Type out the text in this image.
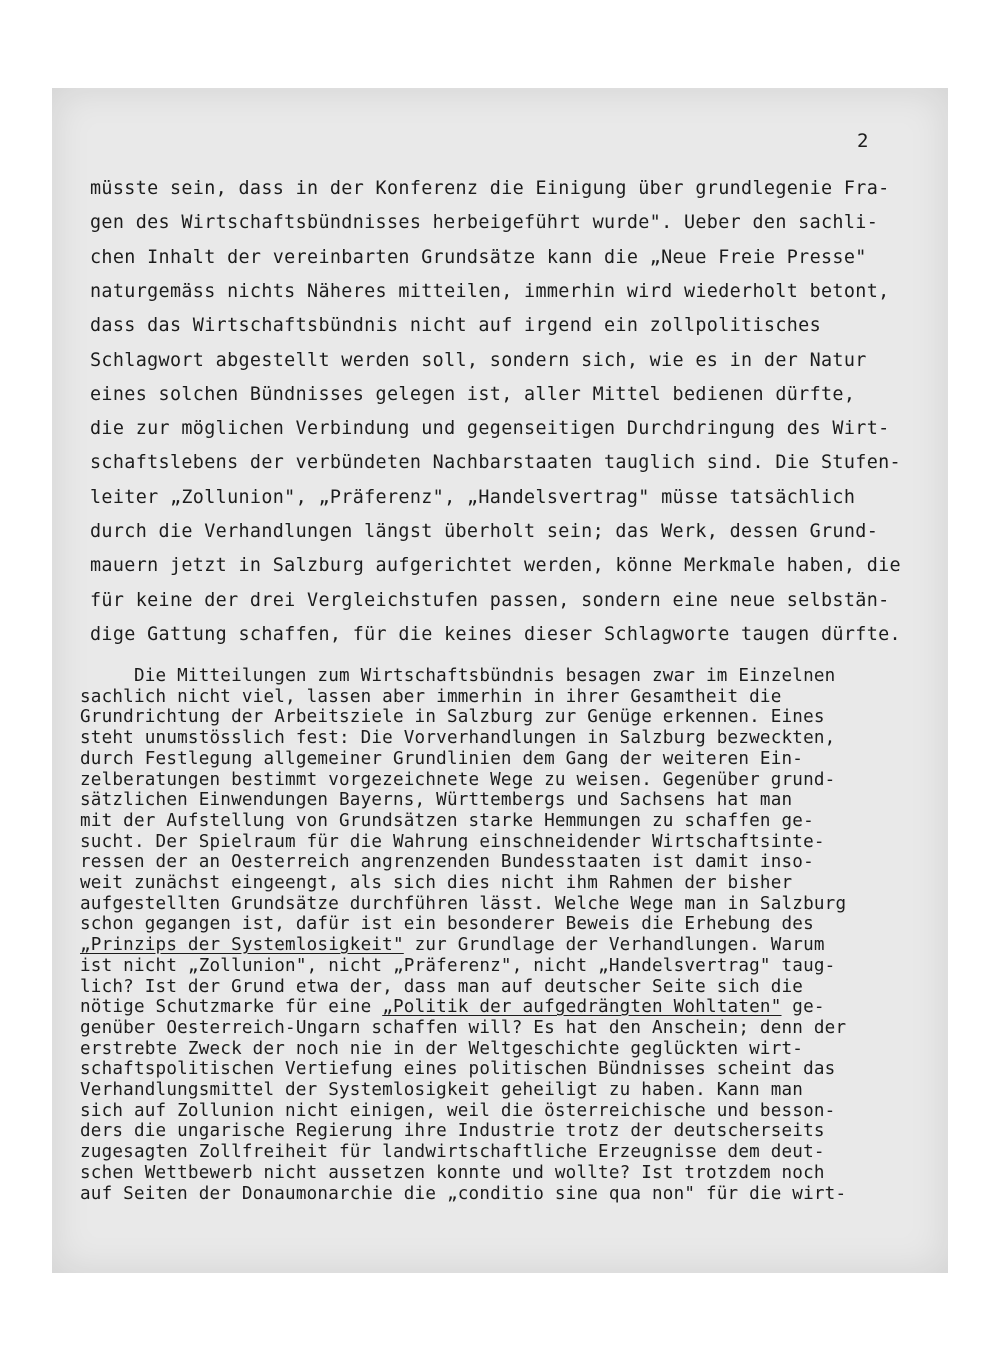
2

müsste sein, dass in der Konferenz die Einigung über grundlegenie Fra-

gen des Wirtschaftsbündnisses herbeigeführt wurde". Ueber den sachli-

chen Inhalt der vereinbarten Grundsätze kann die „Neue Freie Presse"

naturgemäss nichts Näheres mitteilen, immerhin wird wiederholt betont,

dass das Wirtschaftsbündnis nicht auf irgend ein zollpolitisches

Schlagwort abgestellt werden soll, sondern sich, wie es in der Natur

eines solchen Bündnisses gelegen ist, aller Mittel bedienen dürfte,

die zur möglichen Verbindung und gegenseitigen Durchdringung des Wirt-

schaftslebens der verbündeten Nachbarstaaten tauglich sind. Die Stufen-

leiter „Zollunion", „Präferenz", „Handelsvertrag" müsse tatsächlich

durch die Verhandlungen längst überholt sein; das Werk, dessen Grund-

mauern jetzt in Salzburg aufgerichtet werden, könne Merkmale haben, die

für keine der drei Vergleichstufen passen, sondern eine neue selbstän-

dige Gattung schaffen, für die keines dieser Schlagworte taugen dürfte.

Die Mitteilungen zum Wirtschaftsbündnis besagen zwar im Einzelnen

sachlich nicht viel, lassen aber immerhin in ihrer Gesamtheit die

Grundrichtung der Arbeitsziele in Salzburg zur Genüge erkennen. Eines

steht unumstösslich fest: Die Vorverhandlungen in Salzburg bezweckten,

durch Festlegung allgemeiner Grundlinien dem Gang der weiteren Ein-

zelberatungen bestimmt vorgezeichnete Wege zu weisen. Gegenüber grund-

sätzlichen Einwendungen Bayerns, Württembergs und Sachsens hat man

mit der Aufstellung von Grundsätzen starke Hemmungen zu schaffen ge-

sucht. Der Spielraum für die Wahrung einschneidender Wirtschaftsinte-

ressen der an Oesterreich angrenzenden Bundesstaaten ist damit inso-

weit zunächst eingeengt, als sich dies nicht ihm Rahmen der bisher

aufgestellten Grundsätze durchführen lässt. Welche Wege man in Salzburg

schon gegangen ist, dafür ist ein besonderer Beweis die Erhebung des

„Prinzips der Systemlosigkeit" zur Grundlage der Verhandlungen. Warum

ist nicht „Zollunion", nicht „Präferenz", nicht „Handelsvertrag" taug-

lich? Ist der Grund etwa der, dass man auf deutscher Seite sich die

nötige Schutzmarke für eine „Politik der aufgedrängten Wohltaten" ge-

genüber Oesterreich-Ungarn schaffen will? Es hat den Anschein; denn der

erstrebte Zweck der noch nie in der Weltgeschichte geglückten wirt-

schaftspolitischen Vertiefung eines politischen Bündnisses scheint das

Verhandlungsmittel der Systemlosigkeit geheiligt zu haben. Kann man

sich auf Zollunion nicht einigen, weil die österreichische und besson-

ders die ungarische Regierung ihre Industrie trotz der deutscherseits

zugesagten Zollfreiheit für landwirtschaftliche Erzeugnisse dem deut-

schen Wettbewerb nicht aussetzen konnte und wollte? Ist trotzdem noch

auf Seiten der Donaumonarchie die „conditio sine qua non" für die wirt-
